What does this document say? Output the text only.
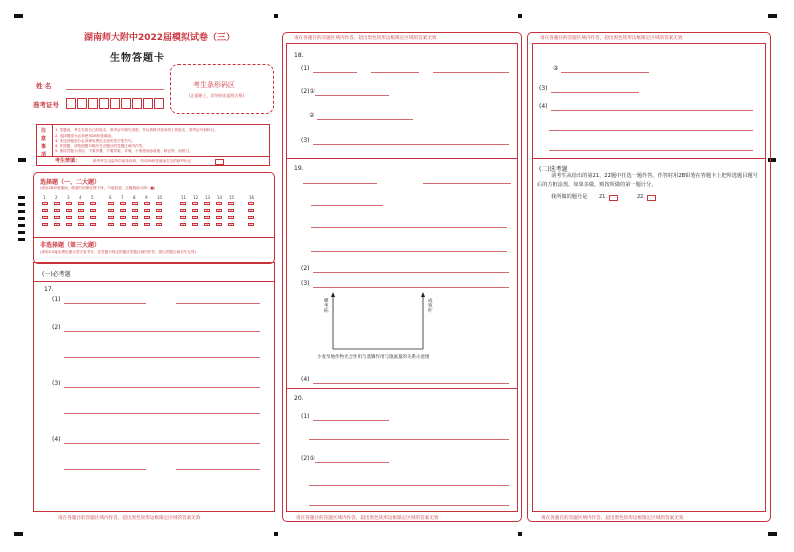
湖南师大附中2022届模拟试卷（三）
生物答题卡
姓 名
准考证号
考生条形码区
(正面朝上，切勿贴出虚线方框)
注意事项
1. 答题前，考生先将自己的姓名、准考证号填写清楚，并认真核对条形码上的姓名、准考证号和科目。
2. 选择题部分必须使用2B铅笔填涂。
3. 非选择题部分必须使用黑色字迹的签字笔书写。
4. 作图题，请按照题号顺序在各题目的答题区域内作答。
5. 保持答题卡清洁，不要折叠、不要弄破、弄皱，不准使用涂改液、修正带、刮纸刀。
考生禁填：	缺考考生由监考员贴条形码，并用2B铅笔填涂右边的缺考标记
选择题（一、二大题）
(请用2B铅笔填涂，修改时用橡皮擦干净，不留痕迹，正确填涂示例：■)
1
A
B
C
D
2
A
B
C
D
3
A
B
C
D
4
A
B
C
D
5
A
B
C
D
6
A
B
C
D
7
A
B
C
D
8
A
B
C
D
9
A
B
C
D
10
A
B
C
D
11
A
B
C
D
12
A
B
C
D
13
A
B
C
D
14
A
B
C
D
15
A
B
C
D
16
A
B
C
D
非选择题（第三大题）
(请用0.5毫米黑色墨水签字笔书写，在答题卡规定的题目答题区域内作答，超出答题区域书写无效)
(一)必考题
17.
(1)
(2)
(3)
(4)
请在各题目的答题区域内作答，超出黑色矩形边框限定区域的答案无效
请在各题目的答题区域内作答，超出黑色矩形边框限定区域的答案无效
请在各题目的答题区域内作答，超出黑色矩形边框限定区域的答案无效
18.
(1)
(2)①
②
(3)
19.
(2)
(3)
横坐标
成熟叶
小麦旱地作物光合作用与蒸腾作用与施氮量的关系示意图
(4)
20.
(1)
(2)①
请在各题目的答题区域内作答，超出黑色矩形边框限定区域的答案无效
请在各题目的答题区域内作答，超出黑色矩形边框限定区域的答案无效
②
(3)
(4)
(二)选考题
请考生从给出的第21、22题中任选一题作答。作答时用2B铅笔在答题卡上把所选题目题号后的方框涂黑。如果多做，则按所做的第一题计分。
我所做的题号是 21.	22.
